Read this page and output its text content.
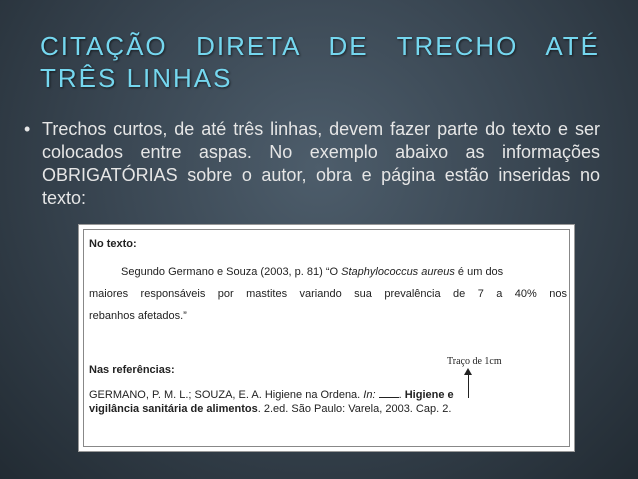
CITAÇÃO DIRETA DE TRECHO ATÉ TRÊS LINHAS
• Trechos curtos, de até três linhas, devem fazer parte do texto e ser colocados entre aspas. No exemplo abaixo as informações OBRIGATÓRIAS sobre o autor, obra e página estão inseridas no texto:
No texto:
Segundo Germano e Souza (2003, p. 81) “O Staphylococcus aureus é um dos
maiores responsáveis por mastites variando sua prevalência de 7 a 40% nos
rebanhos afetados.”
Nas referências:
Traço de 1cm
GERMANO, P. M. L.; SOUZA, E. A. Higiene na Ordena. In: . Higiene e
vigilância sanitária de alimentos. 2.ed. São Paulo: Varela, 2003. Cap. 2.
